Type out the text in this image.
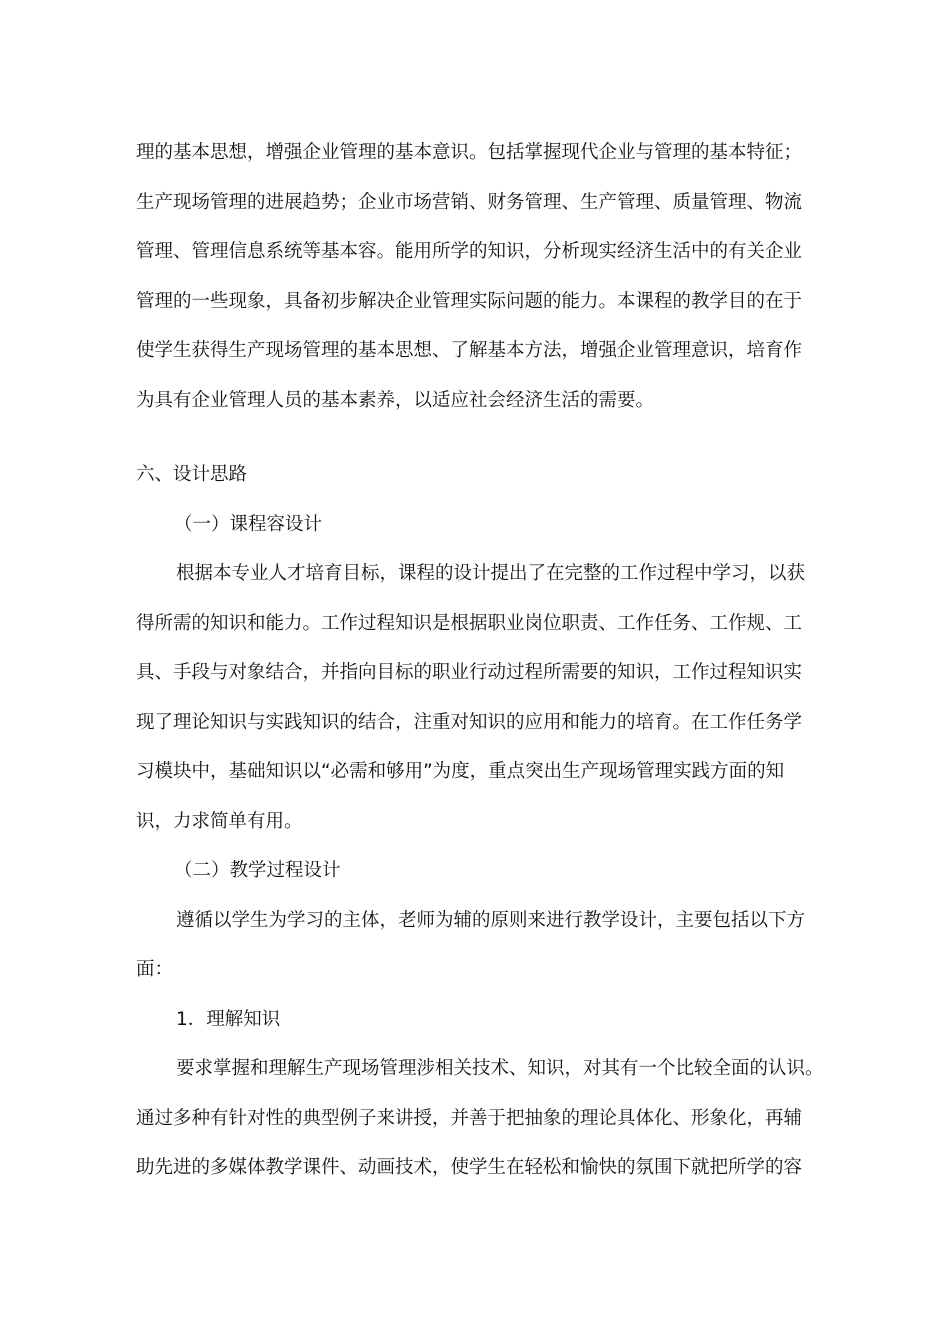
理的基本思想，增强企业管理的基本意识。包括掌握现代企业与管理的基本特征；
生产现场管理的进展趋势；企业市场营销、财务管理、生产管理、质量管理、物流
管理、管理信息系统等基本容。能用所学的知识，分析现实经济生活中的有关企业
管理的一些现象，具备初步解决企业管理实际问题的能力。本课程的教学目的在于
使学生获得生产现场管理的基本思想、了解基本方法，增强企业管理意识，培育作
为具有企业管理人员的基本素养，以适应社会经济生活的需要。
六、设计思路
（一）课程容设计
根据本专业人才培育目标，课程的设计提出了在完整的工作过程中学习，以获
得所需的知识和能力。工作过程知识是根据职业岗位职责、工作任务、工作规、工
具、手段与对象结合，并指向目标的职业行动过程所需要的知识，工作过程知识实
现了理论知识与实践知识的结合，注重对知识的应用和能力的培育。在工作任务学
习模块中，基础知识以“必需和够用”为度，重点突出生产现场管理实践方面的知
识，力求简单有用。
（二）教学过程设计
遵循以学生为学习的主体，老师为辅的原则来进行教学设计，主要包括以下方
面：
1．理解知识
要求掌握和理解生产现场管理涉相关技术、知识，对其有一个比较全面的认识。
通过多种有针对性的典型例子来讲授，并善于把抽象的理论具体化、形象化，再辅
助先进的多媒体教学课件、动画技术，使学生在轻松和愉快的氛围下就把所学的容
